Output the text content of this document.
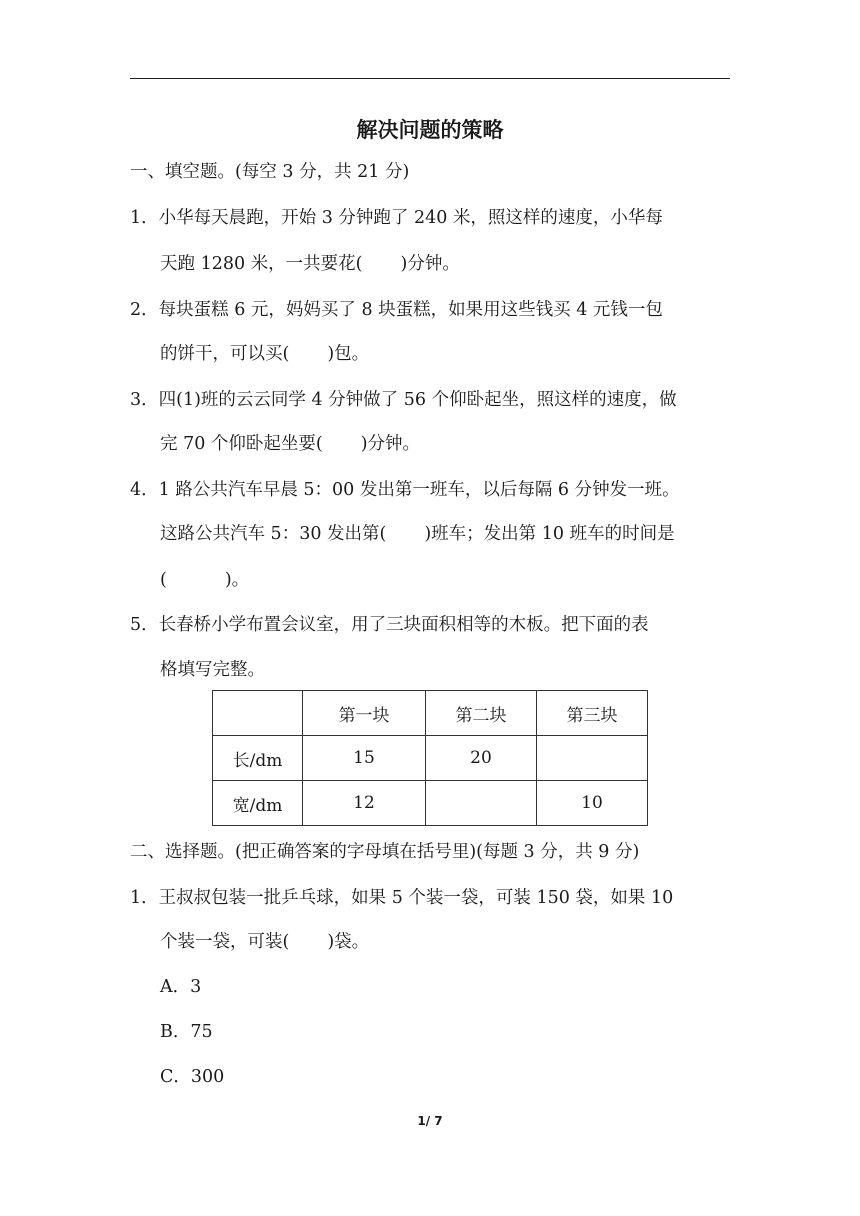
解决问题的策略
一、填空题。(每空 3 分，共 21 分)
1．小华每天晨跑，开始 3 分钟跑了 240 米，照这样的速度，小华每
天跑 1280 米，一共要花( )分钟。
2．每块蛋糕 6 元，妈妈买了 8 块蛋糕，如果用这些钱买 4 元钱一包
的饼干，可以买( )包。
3．四(1)班的云云同学 4 分钟做了 56 个仰卧起坐，照这样的速度，做
完 70 个仰卧起坐要( )分钟。
4．1 路公共汽车早晨 5：00 发出第一班车，以后每隔 6 分钟发一班。
这路公共汽车 5：30 发出第( )班车；发出第 10 班车的时间是
(	)。
5．长春桥小学布置会议室，用了三块面积相等的木板。把下面的表
格填写完整。
	第一块	第二块	第三块
长/dm	15	20	
宽/dm	12		10
二、选择题。(把正确答案的字母填在括号里)(每题 3 分，共 9 分)
1．王叔叔包装一批乒乓球，如果 5 个装一袋，可装 150 袋，如果 10
个装一袋，可装( )袋。
A．3
B．75
C．300
1/ 7
